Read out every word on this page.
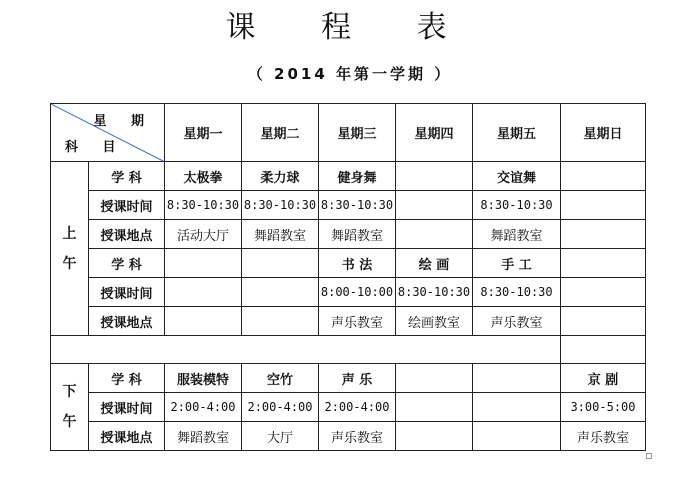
课 程 表
（ 2014 年第一学期 ）
星 期
科 目		星期一	星期二	星期三	星期四	星期五	星期日

上
午	学 科	太极拳	柔力球	健身舞		交谊舞	
	授课时间	8:30-10:30	8:30-10:30	8:30-10:30		8:30-10:30	
	授课地点	活动大厅	舞蹈教室	舞蹈教室		舞蹈教室	
	学 科			书 法	绘 画	手 工	
	授课时间			8:00-10:00	8:30-10:30	8:30-10:30	
	授课地点			声乐教室	绘画教室	声乐教室	

下
午	学 科	服装模特	空竹	声 乐			京 剧
	授课时间	2:00-4:00	2:00-4:00	2:00-4:00			3:00-5:00
	授课地点	舞蹈教室	大厅	声乐教室			声乐教室
